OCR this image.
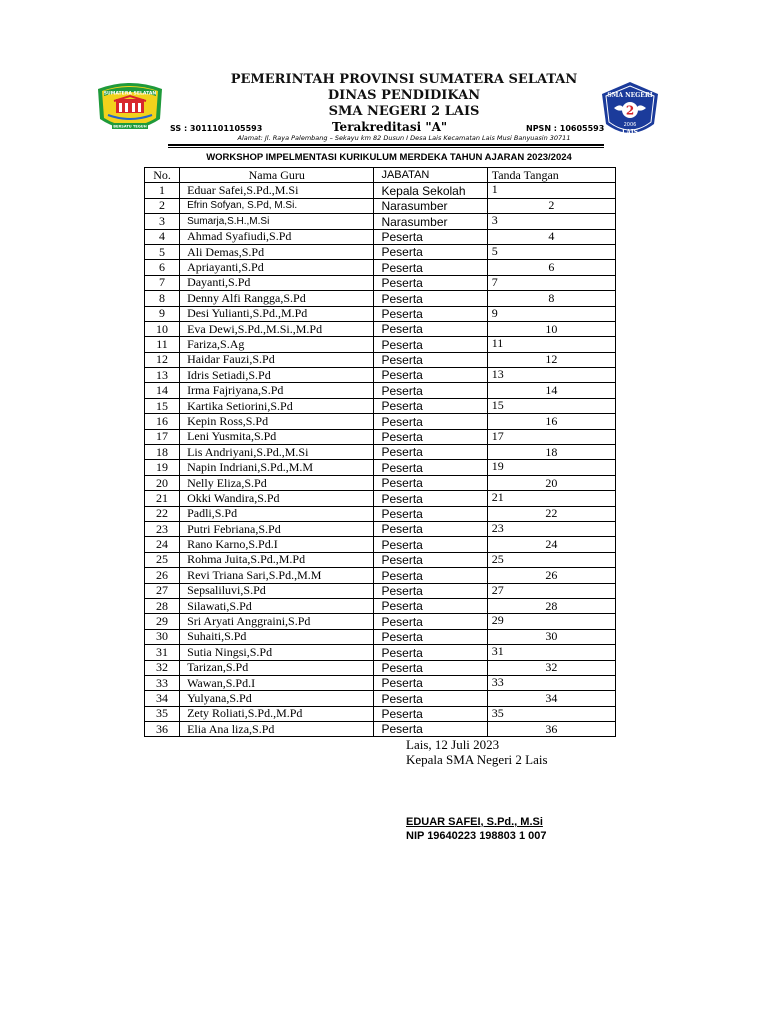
SUMATERA SELATAN
BERSATU TEGUH
SMA NEGERI
2
2006
LAIS
PEMERINTAH PROVINSI SUMATERA SELATAN
DINAS PENDIDIKAN
SMA NEGERI 2 LAIS
SS : 3011101105593	Terakreditasi "A"	NPSN : 10605593
Alamat: Jl. Raya Palembang – Sekayu km 82 Dusun I Desa Lais Kecamatan Lais Musi Banyuasin 30711
WORKSHOP IMPELMENTASI KURIKULUM MERDEKA TAHUN AJARAN 2023/2024
No.	Nama Guru	JABATAN	Tanda Tangan
1	Eduar Safei,S.Pd.,M.Si	Kepala Sekolah	1
2	Efrin Sofyan, S.Pd, M.Si.	Narasumber	2
3	Sumarja,S.H.,M.Si	Narasumber	3
4	Ahmad Syafiudi,S.Pd	Peserta	4
5	Ali Demas,S.Pd	Peserta	5
6	Apriayanti,S.Pd	Peserta	6
7	Dayanti,S.Pd	Peserta	7
8	Denny Alfi Rangga,S.Pd	Peserta	8
9	Desi Yulianti,S.Pd.,M.Pd	Peserta	9
10	Eva Dewi,S.Pd.,M.Si.,M.Pd	Peserta	10
11	Fariza,S.Ag	Peserta	11
12	Haidar Fauzi,S.Pd	Peserta	12
13	Idris Setiadi,S.Pd	Peserta	13
14	Irma Fajriyana,S.Pd	Peserta	14
15	Kartika Setiorini,S.Pd	Peserta	15
16	Kepin Ross,S.Pd	Peserta	16
17	Leni Yusmita,S.Pd	Peserta	17
18	Lis Andriyani,S.Pd.,M.Si	Peserta	18
19	Napin Indriani,S.Pd.,M.M	Peserta	19
20	Nelly Eliza,S.Pd	Peserta	20
21	Okki Wandira,S.Pd	Peserta	21
22	Padli,S.Pd	Peserta	22
23	Putri Febriana,S.Pd	Peserta	23
24	Rano Karno,S.Pd.I	Peserta	24
25	Rohma Juita,S.Pd.,M.Pd	Peserta	25
26	Revi Triana Sari,S.Pd.,M.M	Peserta	26
27	Sepsaliluvi,S.Pd	Peserta	27
28	Silawati,S.Pd	Peserta	28
29	Sri Aryati Anggraini,S.Pd	Peserta	29
30	Suhaiti,S.Pd	Peserta	30
31	Sutia Ningsi,S.Pd	Peserta	31
32	Tarizan,S.Pd	Peserta	32
33	Wawan,S.Pd.I	Peserta	33
34	Yulyana,S.Pd	Peserta	34
35	Zety Roliati,S.Pd.,M.Pd	Peserta	35
36	Elia Ana liza,S.Pd	Peserta	36
Lais, 12 Juli 2023
Kepala SMA Negeri 2 Lais
EDUAR SAFEI, S.Pd., M.Si
NIP 19640223 198803 1 007
